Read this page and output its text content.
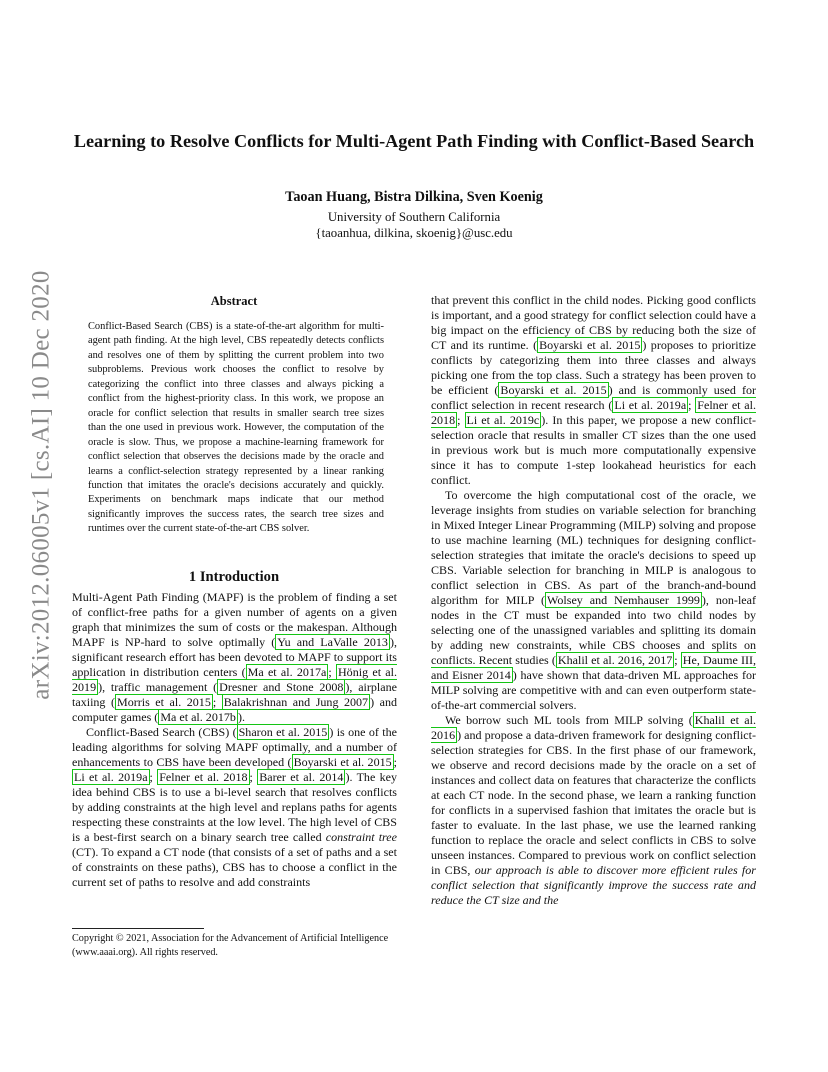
arXiv:2012.06005v1 [cs.AI] 10 Dec 2020
Learning to Resolve Conflicts for Multi-Agent Path Finding with Conflict-Based Search
Taoan Huang, Bistra Dilkina, Sven Koenig
University of Southern California
{taoanhua, dilkina, skoenig}@usc.edu
Abstract
Conflict-Based Search (CBS) is a state-of-the-art algorithm for multi-agent path finding. At the high level, CBS repeatedly detects conflicts and resolves one of them by splitting the current problem into two subproblems. Previous work chooses the conflict to resolve by categorizing the conflict into three classes and always picking a conflict from the highest-priority class. In this work, we propose an oracle for conflict selection that results in smaller search tree sizes than the one used in previous work. However, the computation of the oracle is slow. Thus, we propose a machine-learning framework for conflict selection that observes the decisions made by the oracle and learns a conflict-selection strategy represented by a linear ranking function that imitates the oracle's decisions accurately and quickly. Experiments on benchmark maps indicate that our method significantly improves the success rates, the search tree sizes and runtimes over the current state-of-the-art CBS solver.
1 Introduction

Multi-Agent Path Finding (MAPF) is the problem of finding a set of conflict-free paths for a given number of agents on a given graph that minimizes the sum of costs or the makespan. Although MAPF is NP-hard to solve optimally ( Yu and LaValle 2013 ), significant research effort has been devoted to MAPF to support its application in distribution centers ( Ma et al. 2017a ; Hönig et al. 2019 ), traffic management ( Dresner and Stone 2008 ), airplane taxiing ( Morris et al. 2015 ; Balakrishnan and Jung 2007 ) and computer games ( Ma et al. 2017b ).

Conflict-Based Search (CBS) ( Sharon et al. 2015 ) is one of the leading algorithms for solving MAPF optimally, and a number of enhancements to CBS have been developed ( Boyarski et al. 2015 ; Li et al. 2019a ; Felner et al. 2018 ; Barer et al. 2014 ). The key idea behind CBS is to use a bi-level search that resolves conflicts by adding constraints at the high level and replans paths for agents respecting these constraints at the low level. The high level of CBS is a best-first search on a binary search tree called constraint tree (CT). To expand a CT node (that consists of a set of paths and a set of constraints on these paths), CBS has to choose a conflict in the current set of paths to resolve and add constraints

Copyright © 2021, Association for the Advancement of Artificial Intelligence (www.aaai.org). All rights reserved.

that prevent this conflict in the child nodes. Picking good conflicts is important, and a good strategy for conflict selection could have a big impact on the efficiency of CBS by reducing both the size of CT and its runtime. ( Boyarski et al. 2015 ) proposes to prioritize conflicts by categorizing them into three classes and always picking one from the top class. Such a strategy has been proven to be efficient ( Boyarski et al. 2015 ) and is commonly used for conflict selection in recent research ( Li et al. 2019a ; Felner et al. 2018 ; Li et al. 2019c ). In this paper, we propose a new conflict-selection oracle that results in smaller CT sizes than the one used in previous work but is much more computationally expensive since it has to compute 1-step lookahead heuristics for each conflict.

To overcome the high computational cost of the oracle, we leverage insights from studies on variable selection for branching in Mixed Integer Linear Programming (MILP) solving and propose to use machine learning (ML) techniques for designing conflict-selection strategies that imitate the oracle's decisions to speed up CBS. Variable selection for branching in MILP is analogous to conflict selection in CBS. As part of the branch-and-bound algorithm for MILP ( Wolsey and Nemhauser 1999 ), non-leaf nodes in the CT must be expanded into two child nodes by selecting one of the unassigned variables and splitting its domain by adding new constraints, while CBS chooses and splits on conflicts. Recent studies ( Khalil et al. 2016, 2017 ; He, Daume III, and Eisner 2014 ) have shown that data-driven ML approaches for MILP solving are competitive with and can even outperform state-of-the-art commercial solvers.

We borrow such ML tools from MILP solving ( Khalil et al. 2016 ) and propose a data-driven framework for designing conflict-selection strategies for CBS. In the first phase of our framework, we observe and record decisions made by the oracle on a set of instances and collect data on features that characterize the conflicts at each CT node. In the second phase, we learn a ranking function for conflicts in a supervised fashion that imitates the oracle but is faster to evaluate. In the last phase, we use the learned ranking function to replace the oracle and select conflicts in CBS to solve unseen instances. Compared to previous work on conflict selection in CBS, our approach is able to discover more efficient rules for conflict selection that significantly improve the success rate and reduce the CT size and the
